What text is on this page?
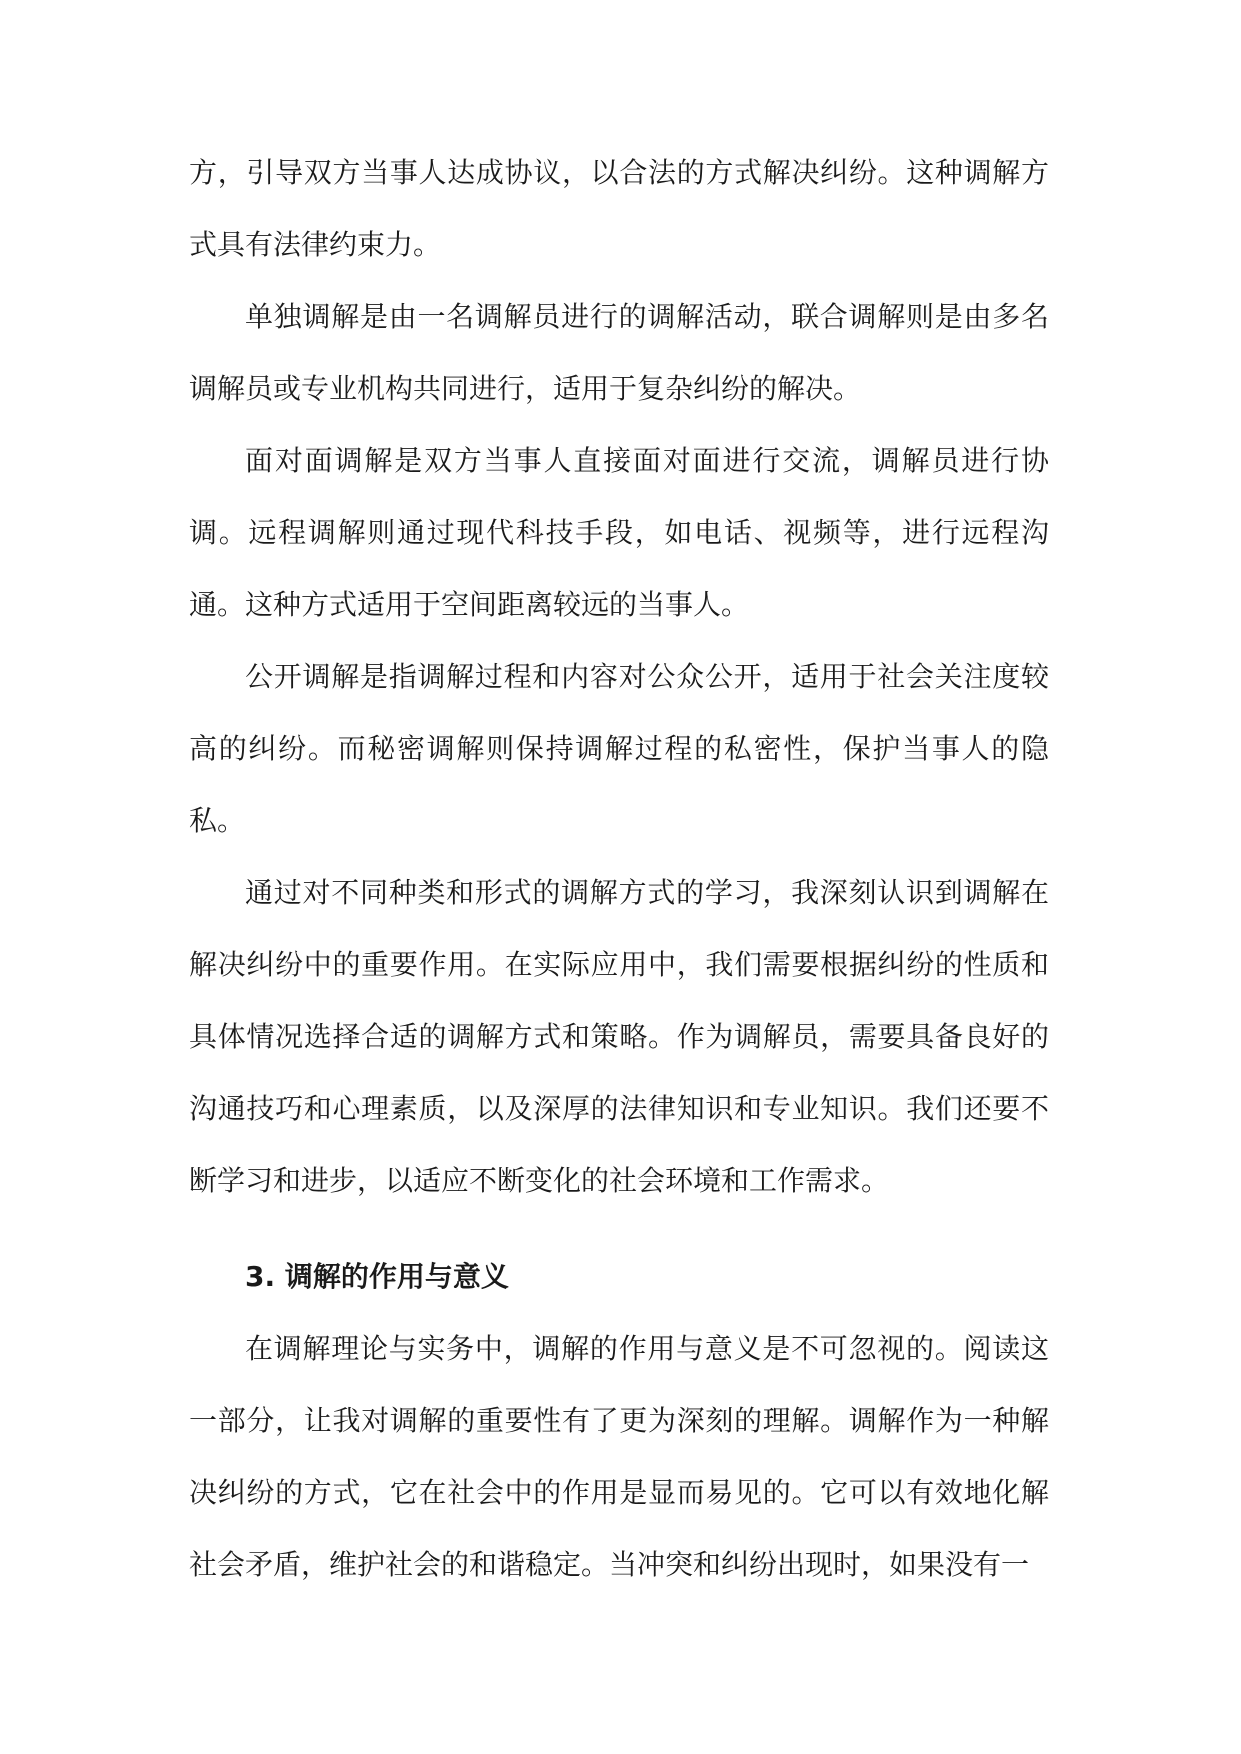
方，引导双方当事人达成协议，以合法的方式解决纠纷。这种调解方式具有法律约束力。

单独调解是由一名调解员进行的调解活动，联合调解则是由多名调解员或专业机构共同进行，适用于复杂纠纷的解决。

面对面调解是双方当事人直接面对面进行交流，调解员进行协调。远程调解则通过现代科技手段，如电话、视频等，进行远程沟通。这种方式适用于空间距离较远的当事人。

公开调解是指调解过程和内容对公众公开，适用于社会关注度较高的纠纷。而秘密调解则保持调解过程的私密性，保护当事人的隐私。

通过对不同种类和形式的调解方式的学习，我深刻认识到调解在解决纠纷中的重要作用。在实际应用中，我们需要根据纠纷的性质和具体情况选择合适的调解方式和策略。作为调解员，需要具备良好的沟通技巧和心理素质，以及深厚的法律知识和专业知识。我们还要不断学习和进步，以适应不断变化的社会环境和工作需求。

3. 调解的作用与意义

在调解理论与实务中，调解的作用与意义是不可忽视的。阅读这一部分，让我对调解的重要性有了更为深刻的理解。调解作为一种解决纠纷的方式，它在社会中的作用是显而易见的。它可以有效地化解社会矛盾，维护社会的和谐稳定。当冲突和纠纷出现时，如果没有一
